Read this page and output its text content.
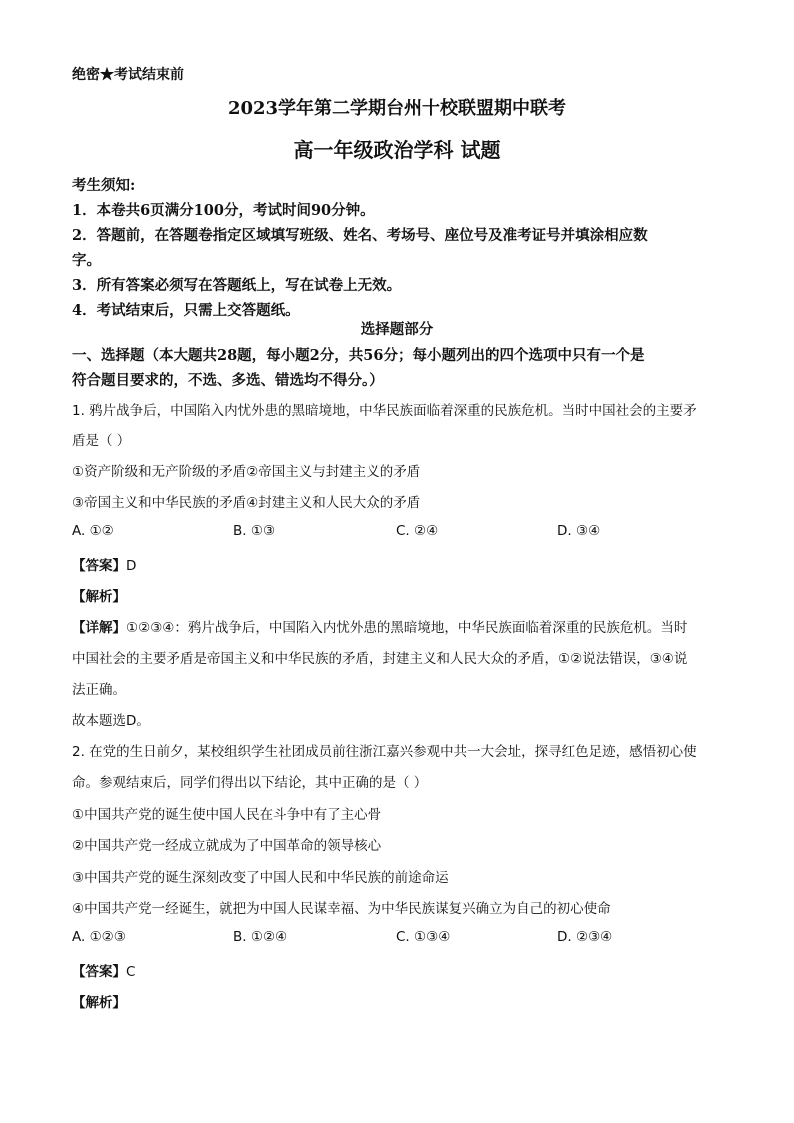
绝密★考试结束前
2023学年第二学期台州十校联盟期中联考
高一年级政治学科 试题
考生须知:
1．本卷共6页满分100分，考试时间90分钟。
2．答题前，在答题卷指定区域填写班级、姓名、考场号、座位号及准考证号并填涂相应数
字。
3．所有答案必须写在答题纸上，写在试卷上无效。
4．考试结束后，只需上交答题纸。
选择题部分
一、选择题（本大题共28题，每小题2分，共56分；每小题列出的四个选项中只有一个是
符合题目要求的，不选、多选、错选均不得分。）
1. 鸦片战争后，中国陷入内忧外患的黑暗境地，中华民族面临着深重的民族危机。当时中国社会的主要矛
盾是（ ）
①资产阶级和无产阶级的矛盾②帝国主义与封建主义的矛盾
③帝国主义和中华民族的矛盾④封建主义和人民大众的矛盾
A. ①②	B. ①③	C. ②④	D. ③④
【答案】D
【解析】
【详解】①②③④：鸦片战争后，中国陷入内忧外患的黑暗境地，中华民族面临着深重的民族危机。当时
中国社会的主要矛盾是帝国主义和中华民族的矛盾，封建主义和人民大众的矛盾，①②说法错误，③④说
法正确。
故本题选D。
2. 在党的生日前夕，某校组织学生社团成员前往浙江嘉兴参观中共一大会址，探寻红色足迹，感悟初心使
命。参观结束后，同学们得出以下结论，其中正确的是（ ）
①中国共产党的诞生使中国人民在斗争中有了主心骨
②中国共产党一经成立就成为了中国革命的领导核心
③中国共产党的诞生深刻改变了中国人民和中华民族的前途命运
④中国共产党一经诞生，就把为中国人民谋幸福、为中华民族谋复兴确立为自己的初心使命
A. ①②③	B. ①②④	C. ①③④	D. ②③④
【答案】C
【解析】
